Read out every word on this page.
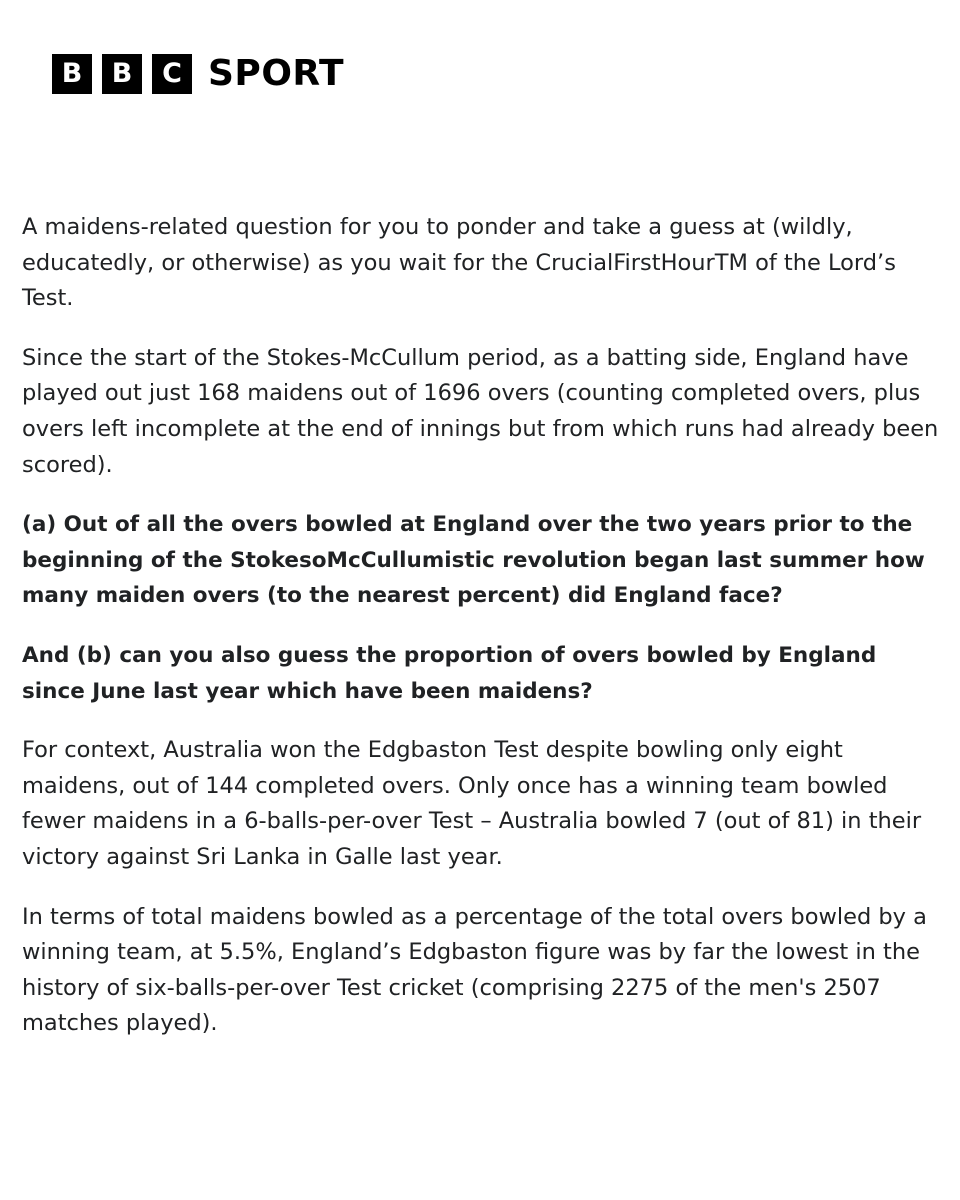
B	B	C SPORT

A maidens-related question for you to ponder and take a guess at (wildly, educatedly, or otherwise) as you wait for the CrucialFirstHourTM of the Lord’s Test.

Since the start of the Stokes-McCullum period, as a batting side, England have played out just 168 maidens out of 1696 overs (counting completed overs, plus overs left incomplete at the end of innings but from which runs had already been scored).

(a) Out of all the overs bowled at England over the two years prior to the beginning of the StokesoMcCullumistic revolution began last summer how many maiden overs (to the nearest percent) did England face?

And (b) can you also guess the proportion of overs bowled by England since June last year which have been maidens?

For context, Australia won the Edgbaston Test despite bowling only eight maidens, out of 144 completed overs. Only once has a winning team bowled fewer maidens in a 6-balls-per-over Test – Australia bowled 7 (out of 81) in their victory against Sri Lanka in Galle last year.

In terms of total maidens bowled as a percentage of the total overs bowled by a winning team, at 5.5%, England’s Edgbaston figure was by far the lowest in the history of six-balls-per-over Test cricket (comprising 2275 of the men's 2507 matches played).
